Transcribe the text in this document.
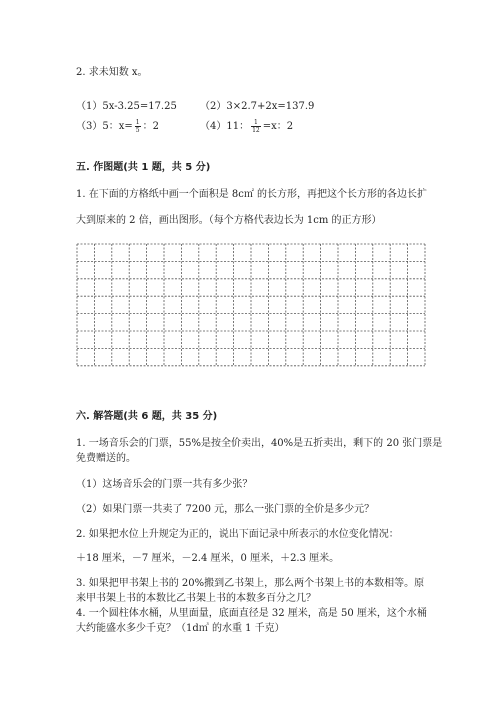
2. 求未知数 x。
（1）5x-3.25=17.25 （2）3×2.7+2x=137.9
（3）5：$x= \frac{1}{5}$ ：2	（4）11： $\frac{1}{12} =x$：2
五. 作图题(共 1 题，共 5 分)
1. 在下面的方格纸中画一个面积是 8c㎡ 的长方形，再把这个长方形的各边长扩
大到原来的 2 倍，画出图形。（每个方格代表边长为 1cm 的正方形）
六. 解答题(共 6 题，共 35 分)
1. 一场音乐会的门票，55%是按全价卖出，40%是五折卖出，剩下的 20 张门票是
免费赠送的。
（1）这场音乐会的门票一共有多少张？
（2）如果门票一共卖了 7200 元，那么一张门票的全价是多少元？
2. 如果把水位上升规定为正的，说出下面记录中所表示的水位变化情况：
＋18 厘米，－7 厘米，－2.4 厘米，0 厘米，＋2.3 厘米。
3. 如果把甲书架上书的 20%搬到乙书架上，那么两个书架上书的本数相等。原
来甲书架上书的本数比乙书架上书的本数多百分之几？
4. 一个圆柱体水桶，从里面量，底面直径是 32 厘米，高是 50 厘米，这个水桶
大约能盛水多少千克？（1d㎥ 的水重 1 千克）
